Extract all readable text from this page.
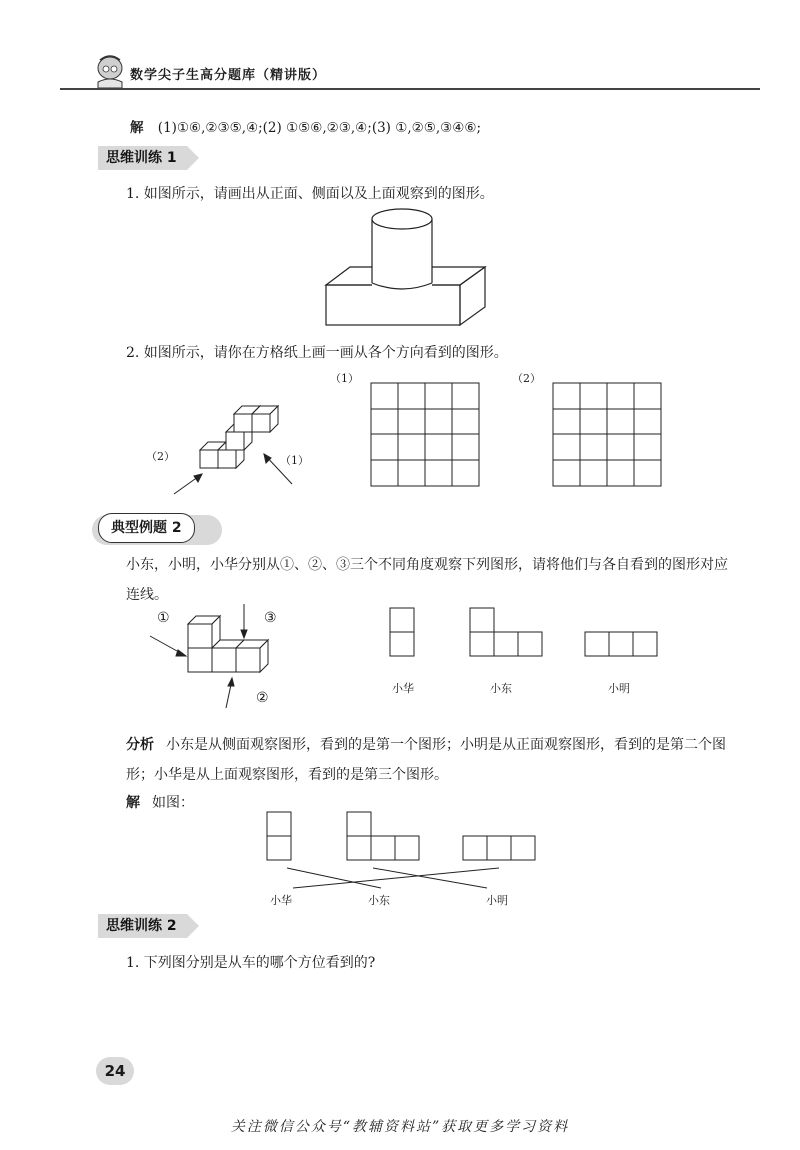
数学尖子生高分题库（精讲版）
解 (1)①⑥,②③⑤,④;(2) ①⑤⑥,②③,④;(3) ①,②⑤,③④⑥;
思维训练 1
1. 如图所示，请画出从正面、侧面以及上面观察到的图形。
2. 如图所示，请你在方格纸上画一画从各个方向看到的图形。
（2）	（1）
（1）	（2）
典型例题 2
小东，小明，小华分别从①、②、③三个不同角度观察下列图形，请将他们与各自看到的图形对应连线。
①	③
②
小华	小东	小明
分析 小东是从侧面观察图形，看到的是第一个图形；小明是从正面观察图形，看到的是第二个图形；小华是从上面观察图形，看到的是第三个图形。
解 如图：
小华	小东	小明
思维训练 2
1. 下列图分别是从车的哪个方位看到的?
24
关注微信公众号“教辅资料站”获取更多学习资料
